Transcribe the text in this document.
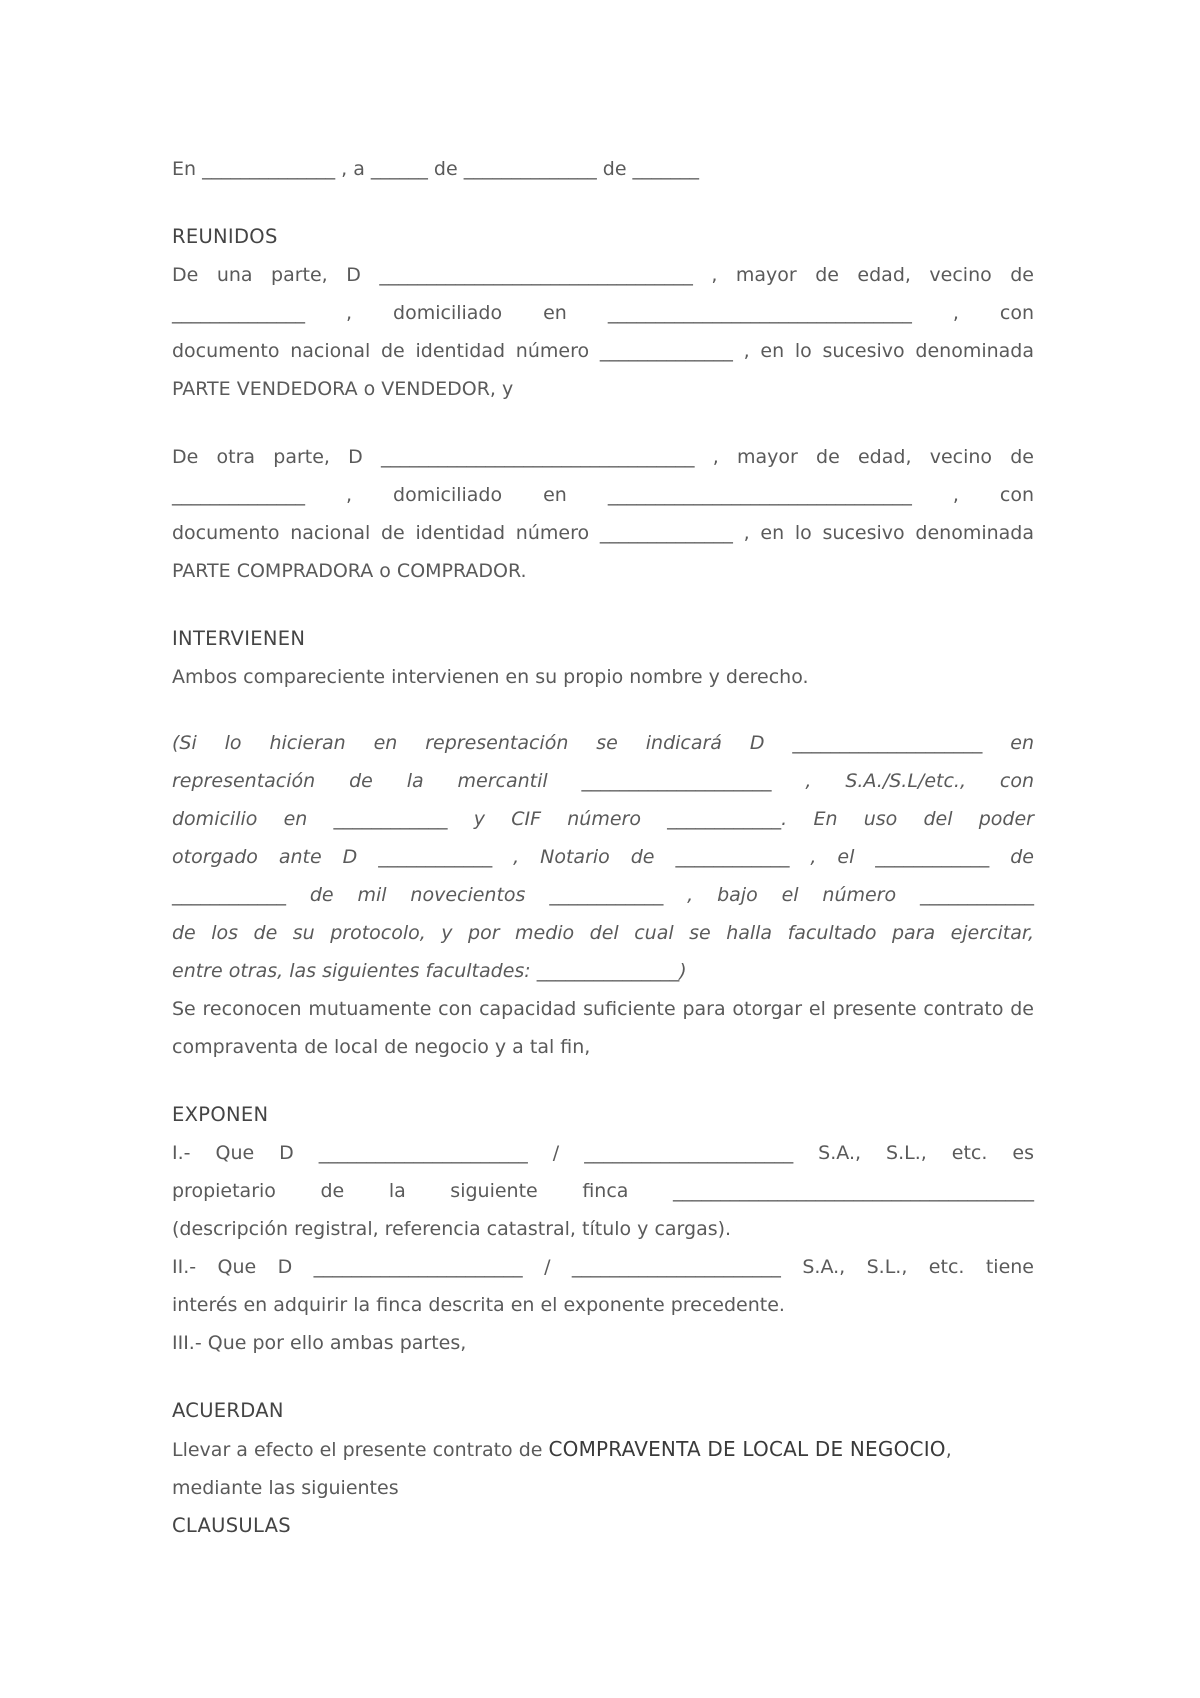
En ______________ , a ______ de ______________ de _______

REUNIDOS

De una parte, D _________________________________ , mayor de edad, vecino de

______________ , domiciliado en ________________________________ , con

documento nacional de identidad número ______________ , en lo sucesivo denominada

PARTE VENDEDORA o VENDEDOR, y

De otra parte, D _________________________________ , mayor de edad, vecino de

______________ , domiciliado en ________________________________ , con

documento nacional de identidad número ______________ , en lo sucesivo denominada

PARTE COMPRADORA o COMPRADOR.

INTERVIENEN

Ambos compareciente intervienen en su propio nombre y derecho.

(Si lo hicieran en representación se indicará D ____________________ en

representación de la mercantil ____________________ , S.A./S.L/etc., con

domicilio en ____________ y CIF número ____________. En uso del poder

otorgado ante D ____________ , Notario de ____________ , el ____________ de

____________ de mil novecientos ____________ , bajo el número ____________

de los de su protocolo, y por medio del cual se halla facultado para ejercitar,

entre otras, las siguientes facultades: _______________)

Se reconocen mutuamente con capacidad suficiente para otorgar el presente contrato de

compraventa de local de negocio y a tal fin,

EXPONEN

I.- Que D ______________________ / ______________________ S.A., S.L., etc. es

propietario de la siguiente finca ______________________________________

(descripción registral, referencia catastral, título y cargas).

II.- Que D ______________________ / ______________________ S.A., S.L., etc. tiene

interés en adquirir la finca descrita en el exponente precedente.

III.- Que por ello ambas partes,

ACUERDAN

Llevar a efecto el presente contrato de COMPRAVENTA DE LOCAL DE NEGOCIO,

mediante las siguientes

CLAUSULAS
